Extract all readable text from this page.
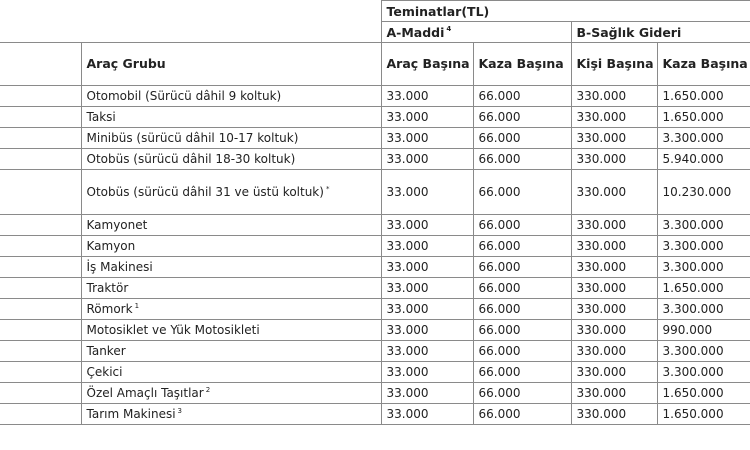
		Teminatlar(TL)			
		A-Maddi $^4$		B-Sağlık Gideri	
	Araç Grubu	Araç Başına	Kaza Başına	Kişi Başına	Kaza Başına
	Otomobil (Sürücü dâhil 9 koltuk)	33.000	66.000	330.000	1.650.000
	Taksi	33.000	66.000	330.000	1.650.000
	Minibüs (sürücü dâhil 10-17 koltuk)	33.000	66.000	330.000	3.300.000
	Otobüs (sürücü dâhil 18-30 koltuk)	33.000	66.000	330.000	5.940.000
	Otobüs (sürücü dâhil 31 ve üstü koltuk) *	33.000	66.000	330.000	10.230.000
	Kamyonet	33.000	66.000	330.000	3.300.000
	Kamyon	33.000	66.000	330.000	3.300.000
	İş Makinesi	33.000	66.000	330.000	3.300.000
	Traktör	33.000	66.000	330.000	1.650.000
	Römork $^1$	33.000	66.000	330.000	3.300.000
	Motosiklet ve Yük Motosikleti	33.000	66.000	330.000	990.000
	Tanker	33.000	66.000	330.000	3.300.000
	Çekici	33.000	66.000	330.000	3.300.000
	Özel Amaçlı Taşıtlar $^2$	33.000	66.000	330.000	1.650.000
	Tarım Makinesi $^3$	33.000	66.000	330.000	1.650.000
